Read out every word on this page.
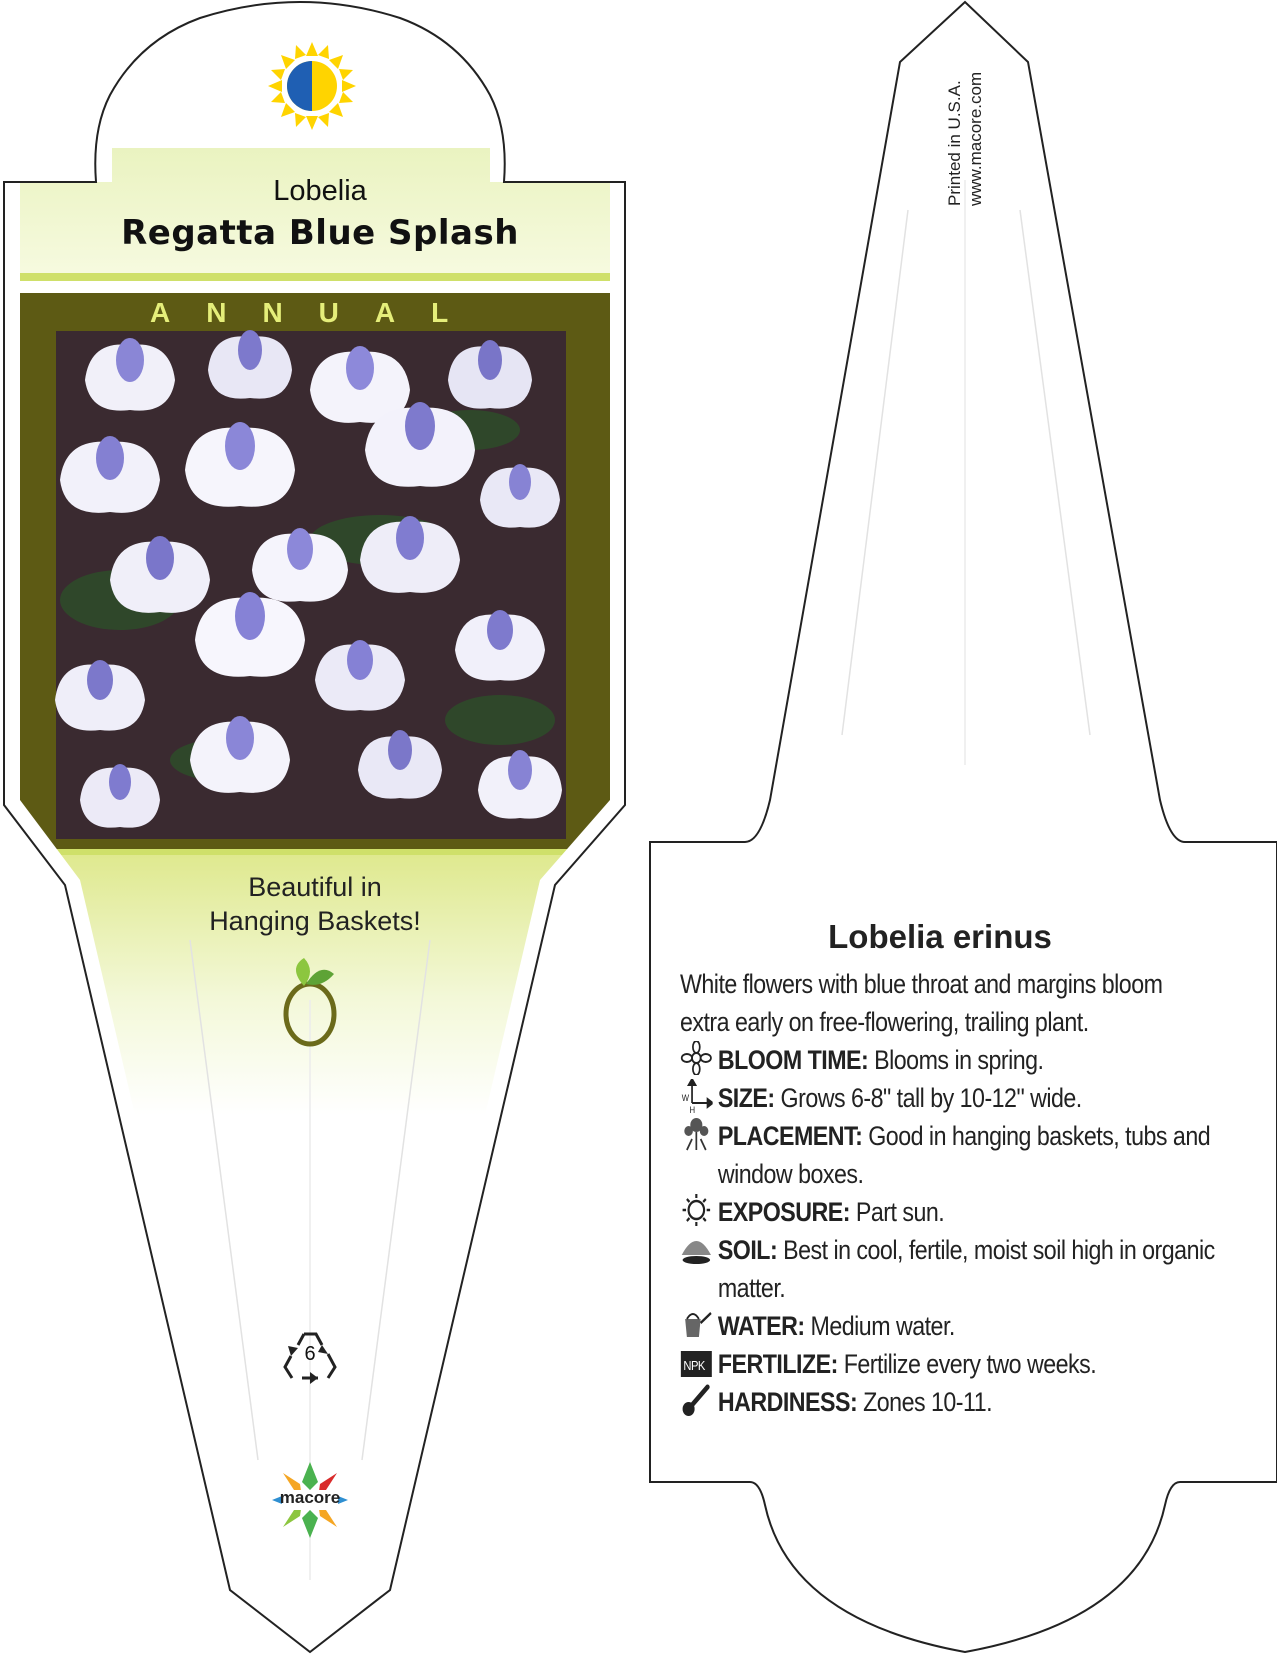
Lobelia
Regatta Blue Splash
ANNUAL
Beautiful in
Hanging Baskets!
6
macore
Printed in U.S.A. www.macore.com
Lobelia erinus
White flowers with blue throat and margins bloom extra early on free-flowering, trailing plant.
BLOOM TIME: Blooms in spring.
W
H SIZE: Grows 6-8" tall by 10-12" wide.
PLACEMENT: Good in hanging baskets, tubs and window boxes.
EXPOSURE: Part sun.
SOIL: Best in cool, fertile, moist soil high in organic matter.
WATER: Medium water.
NPK FERTILIZE: Fertilize every two weeks.
HARDINESS: Zones 10-11.
